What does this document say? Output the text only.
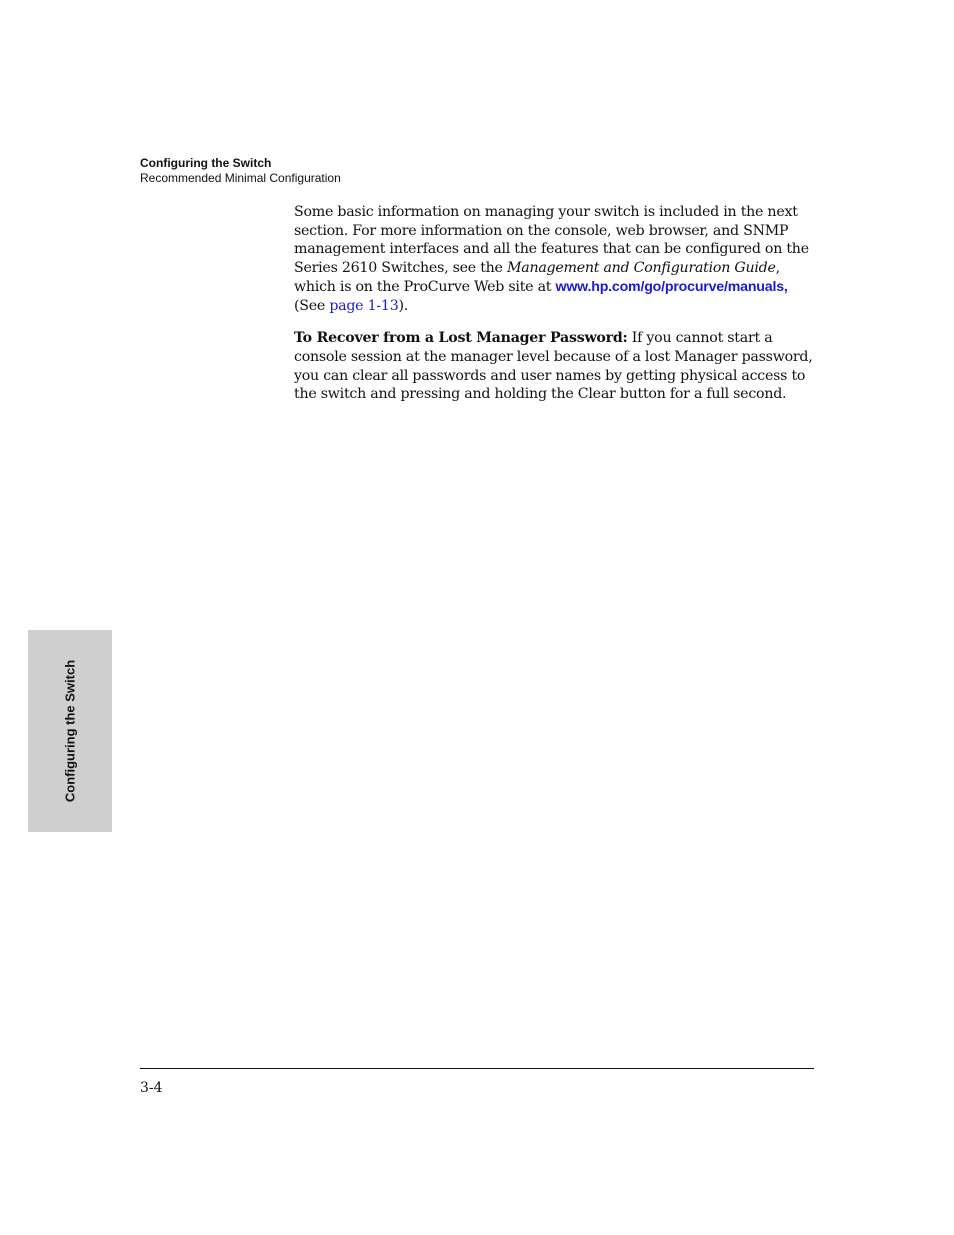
Configuring the Switch
Recommended Minimal Configuration

Some basic information on managing your switch is included in the next section. For more information on the console, web browser, and SNMP management interfaces and all the features that can be configured on the Series 2610 Switches, see the Management and Configuration Guide, which is on the ProCurve Web site at www.hp.com/go/procurve/manuals, (See page 1-13).

To Recover from a Lost Manager Password: If you cannot start a console session at the manager level because of a lost Manager password, you can clear all passwords and user names by getting physical access to the switch and pressing and holding the Clear button for a full second.

Configuring the Switch
3-4
